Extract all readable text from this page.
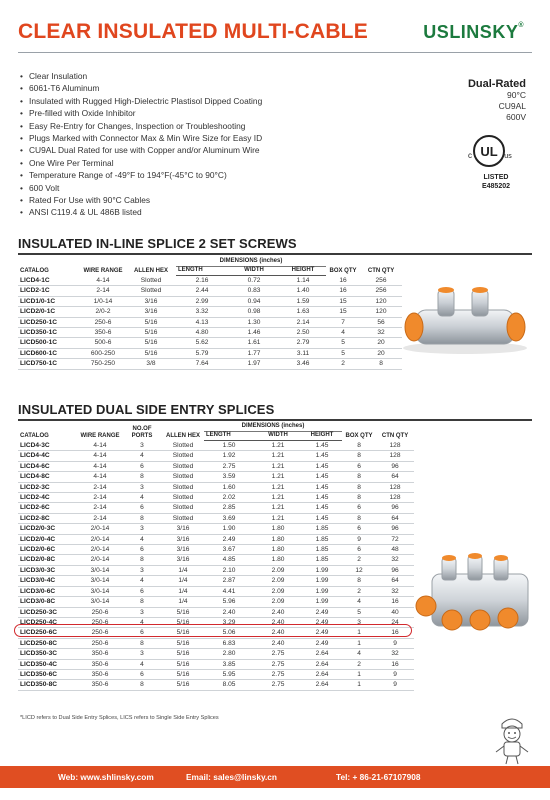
CLEAR INSULATED MULTI-CABLE	USLINSKY®
• Clear Insulation
• 6061-T6 Aluminum
• Insulated with Rugged High-Dielectric Plastisol Dipped Coating
• Pre-filled with Oxide Inhibitor
• Easy Re-Entry for Changes, Inspection or Troubleshooting
• Plugs Marked with Connector Max & Min Wire Size for Easy ID
• CU9AL Dual Rated for use with Copper and/or Aluminum Wire
• One Wire Per Terminal
• Temperature Range of -49°F to 194°F(-45°C to 90°C)
• 600 Volt
• Rated For Use with 90°C Cables
• ANSI C119.4 & UL 486B listed
Dual-Rated
90°C
CU9AL
600V
UL
c	us
LISTED
E485202
INSULATED IN-LINE SPLICE 2 SET SCREWS
CATALOG	WIRE RANGE	ALLEN HEX	DIMENSIONS (inches)			BOX QTY	CTN QTY
			LENGTH	WIDTH	HEIGHT		
LICD4-1C	4-14	Slotted	2.16	0.72	1.14	16	256
LICD2-1C	2-14	Slotted	2.44	0.83	1.40	16	256
LICD1/0-1C	1/0-14	3/16	2.99	0.94	1.59	15	120
LICD2/0-1C	2/0-2	3/16	3.32	0.98	1.63	15	120
LICD250-1C	250-6	5/16	4.13	1.30	2.14	7	56
LICD350-1C	350-6	5/16	4.80	1.46	2.50	4	32
LICD500-1C	500-6	5/16	5.62	1.61	2.79	5	20
LICD600-1C	600-250	5/16	5.79	1.77	3.11	5	20
LICD750-1C	750-250	3/8	7.64	1.97	3.46	2	8
INSULATED DUAL SIDE ENTRY SPLICES
CATALOG	WIRE RANGE	NO.OF PORTS	ALLEN HEX	DIMENSIONS (inches)			BOX QTY	CTN QTY
				LENGTH	WIDTH	HEIGHT		
LICD4-3C	4-14	3	Slotted	1.50	1.21	1.45	8	128
LICD4-4C	4-14	4	Slotted	1.92	1.21	1.45	8	128
LICD4-6C	4-14	6	Slotted	2.75	1.21	1.45	6	96
LICD4-8C	4-14	8	Slotted	3.59	1.21	1.45	8	64
LICD2-3C	2-14	3	Slotted	1.60	1.21	1.45	8	128
LICD2-4C	2-14	4	Slotted	2.02	1.21	1.45	8	128
LICD2-6C	2-14	6	Slotted	2.85	1.21	1.45	6	96
LICD2-8C	2-14	8	Slotted	3.69	1.21	1.45	8	64
LICD2/0-3C	2/0-14	3	3/16	1.90	1.80	1.85	6	96
LICD2/0-4C	2/0-14	4	3/16	2.49	1.80	1.85	9	72
LICD2/0-6C	2/0-14	6	3/16	3.67	1.80	1.85	6	48
LICD2/0-8C	2/0-14	8	3/16	4.85	1.80	1.85	2	32
LICD3/0-3C	3/0-14	3	1/4	2.10	2.09	1.99	12	96
LICD3/0-4C	3/0-14	4	1/4	2.87	2.09	1.99	8	64
LICD3/0-6C	3/0-14	6	1/4	4.41	2.09	1.99	2	32
LICD3/0-8C	3/0-14	8	1/4	5.96	2.09	1.99	4	16
LICD250-3C	250-6	3	5/16	2.40	2.40	2.49	5	40
LICD250-4C	250-6	4	5/16	3.29	2.40	2.49	3	24
LICD250-6C	250-6	6	5/16	5.06	2.40	2.49	1	16
LICD250-8C	250-6	8	5/16	6.83	2.40	2.49	1	9
LICD350-3C	350-6	3	5/16	2.80	2.75	2.64	4	32
LICD350-4C	350-6	4	5/16	3.85	2.75	2.64	2	16
LICD350-6C	350-6	6	5/16	5.95	2.75	2.64	1	9
LICD350-8C	350-6	8	5/16	8.05	2.75	2.64	1	9
*LICD refers to Dual Side Entry Splices, LICS refers to Single Side Entry Splices
Web: www.shlinsky.com	Email: sales@linsky.cn	Tel: + 86-21-67107908
